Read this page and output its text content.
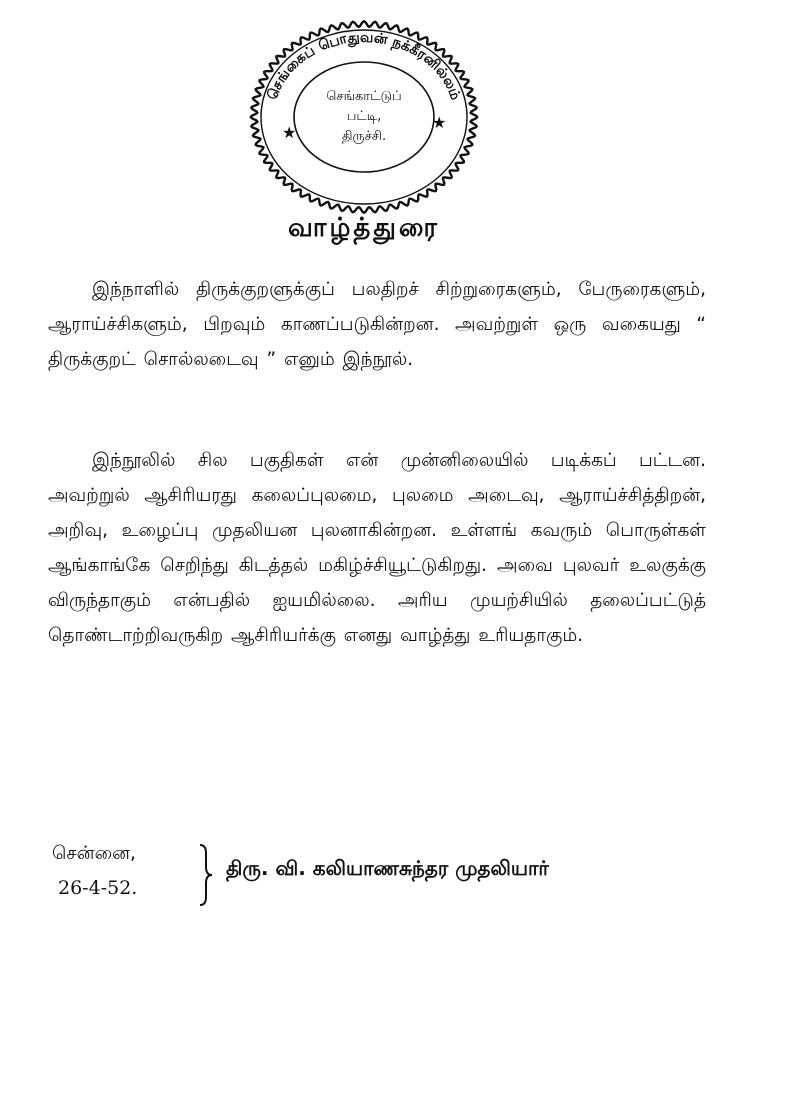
செங்கைப் பொதுவன் நக்கீரனில்லம்
செங்காட்டுப்
பட்டி,
திருச்சி.
★
★
வாழ்த்துரை

இந்நாளில் திருக்குறளுக்குப் பலதிறச் சிற்றுரைகளும், பேருரைகளும், ஆராய்ச்சிகளும், பிறவும் காணப்படுகின்றன. அவற்றுள் ஒரு வகையது “ திருக்குறட் சொல்லடைவு ” எனும் இந்நூல்.

இந்நூலில் சில பகுதிகள் என் முன்னிலையில் படிக்கப் பட்டன. அவற்றுல் ஆசிரியரது கலைப்புலமை, புலமை அடைவு, ஆராய்ச்சித்திறன், அறிவு, உழைப்பு முதலியன புலனாகின்றன. உள்ளங் கவரும் பொருள்கள் ஆங்காங்கே செறிந்து கிடத்தல் மகிழ்ச்சியூட்டுகிறது. அவை புலவர் உலகுக்கு விருந்தாகும் என்பதில் ஐயமில்லை. அரிய முயற்சியில் தலைப்பட்டுத் தொண்டாற்றிவருகிற ஆசிரியர்க்கு எனது வாழ்த்து உரியதாகும்.

சென்னை,
26-4-52.
திரு. வி. கலியாணசுந்தர முதலியார்
